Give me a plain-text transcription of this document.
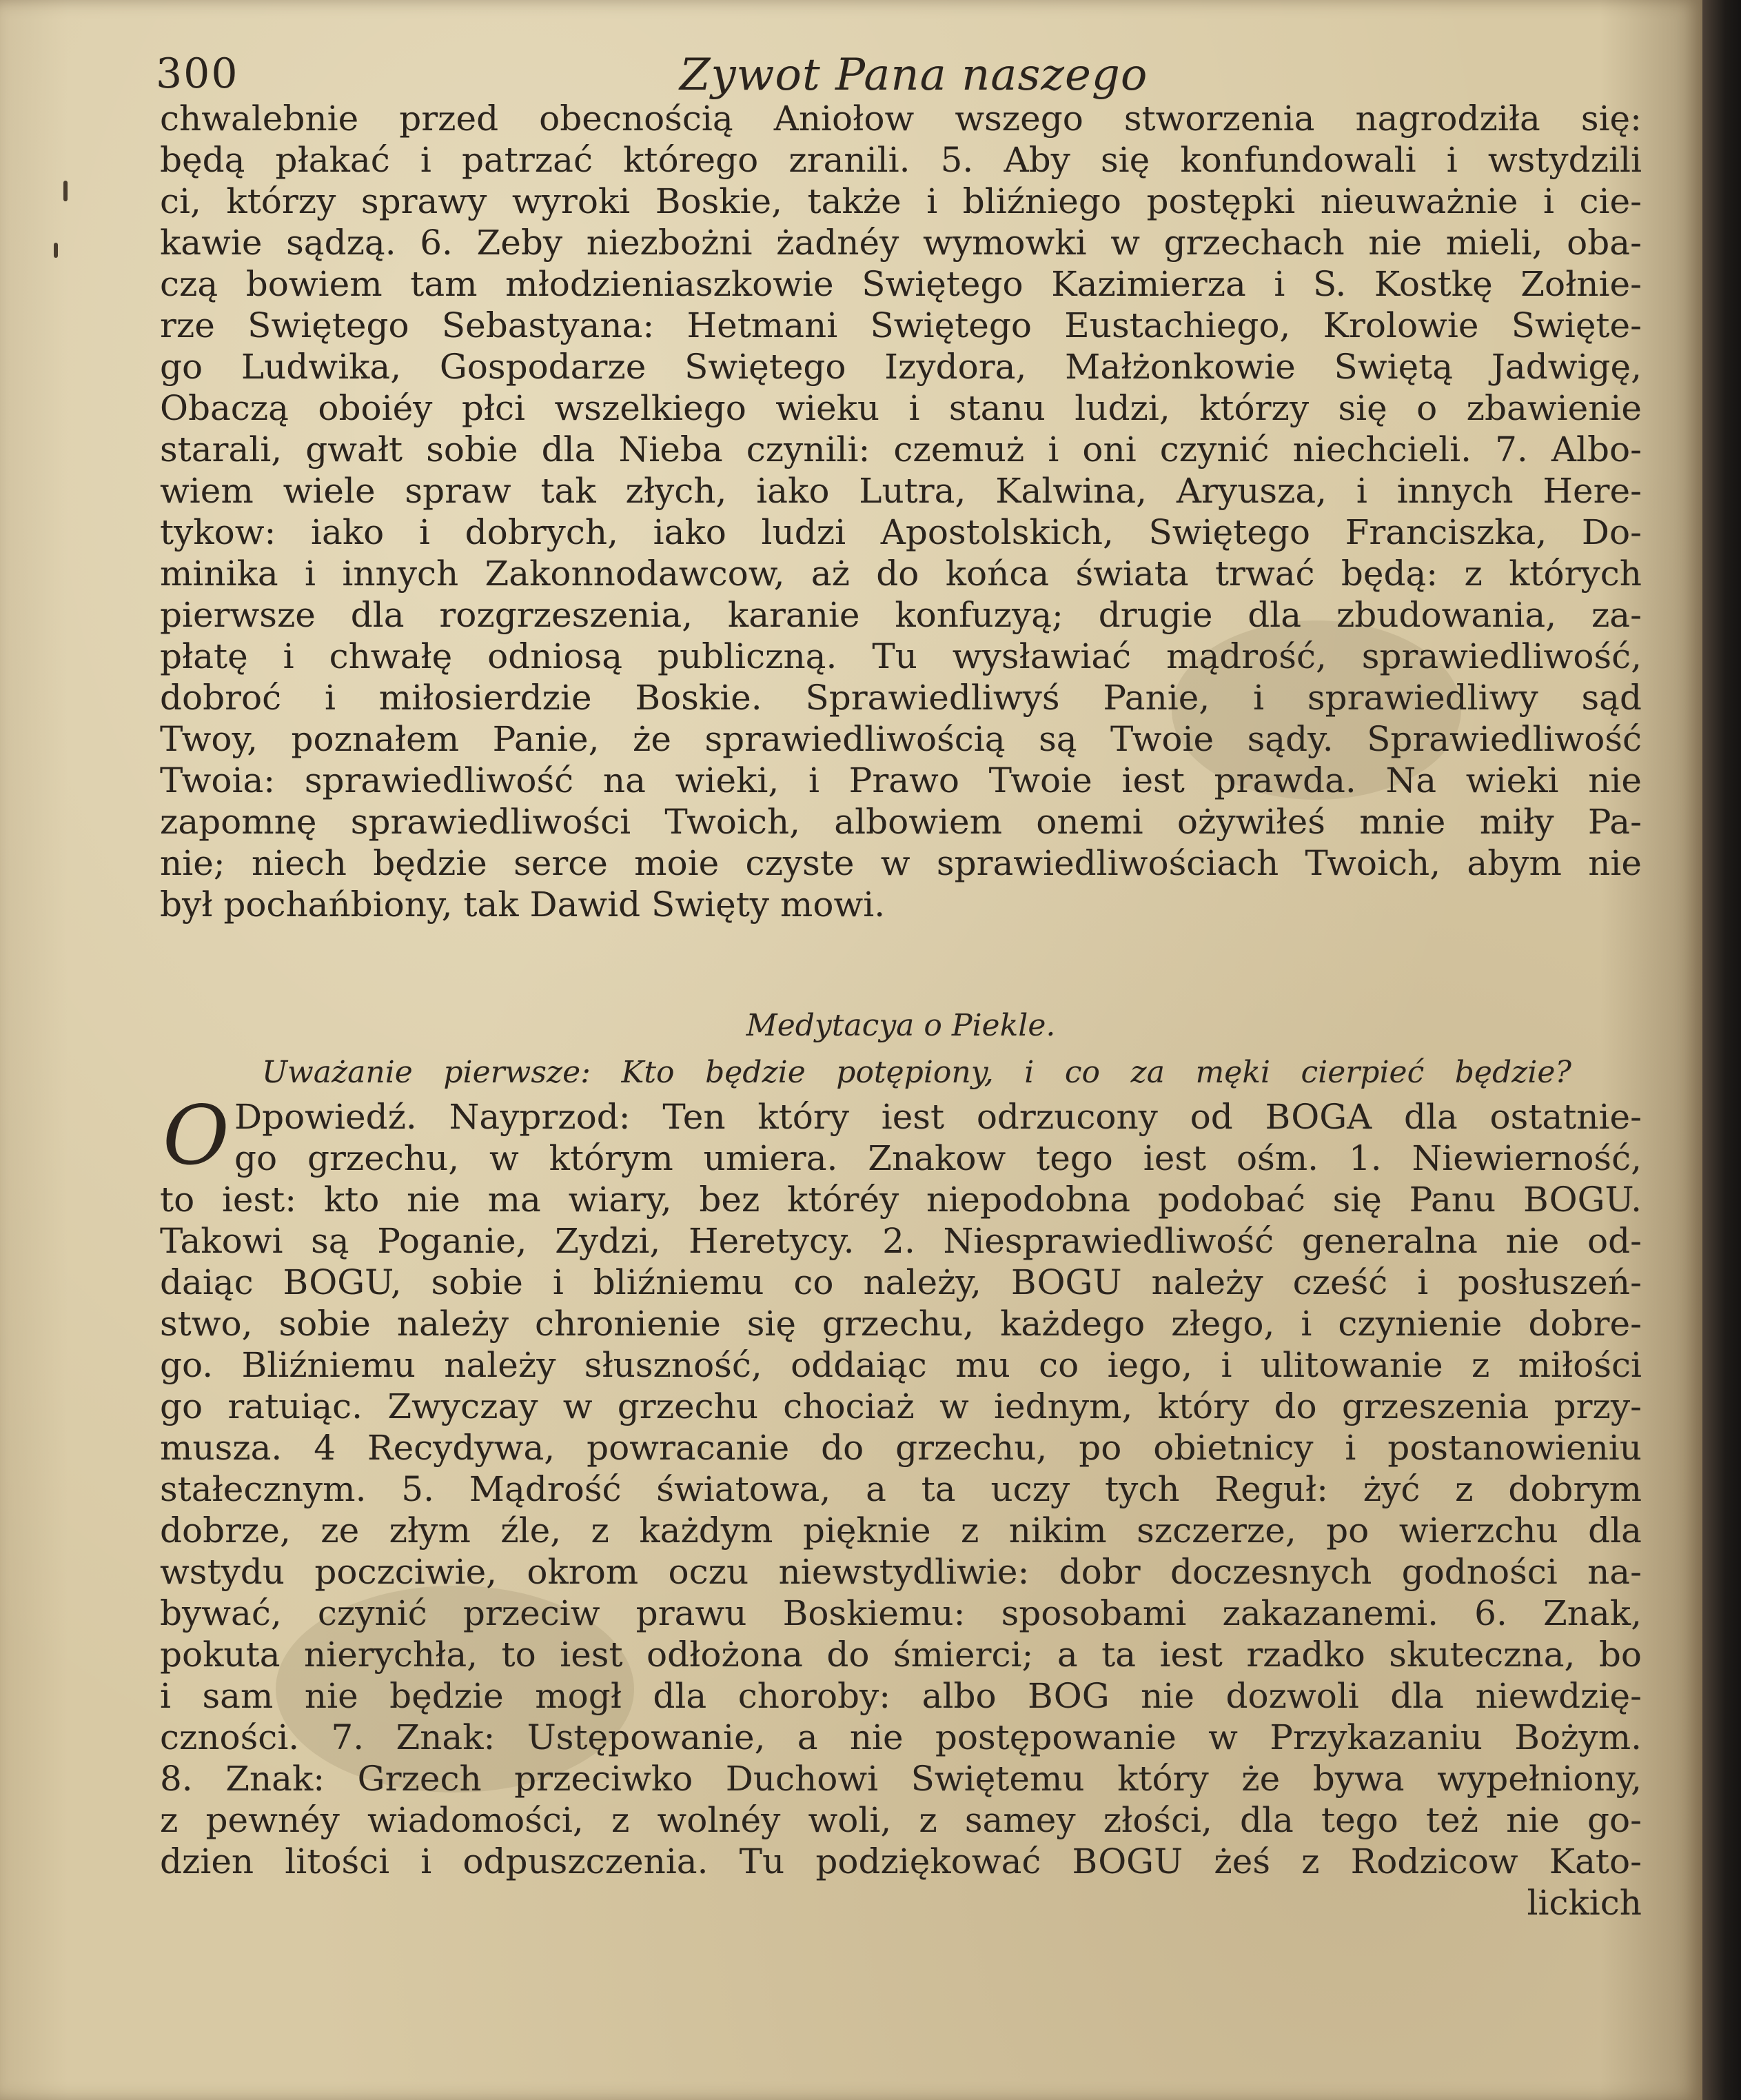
300	Zywot Pana naszego
chwalebnie przed obecnością Aniołow wszego stworzenia nagrodziła się:
będą płakać i patrzać którego zranili. 5. Aby się konfundowali i wstydzili
ci, którzy sprawy wyroki Boskie, także i bliźniego postępki nieuważnie i cie-
kawie sądzą. 6. Zeby niezbożni żadnéy wymowki w grzechach nie mieli, oba-
czą bowiem tam młodzieniaszkowie Swiętego Kazimierza i S. Kostkę Zołnie-
rze Swiętego Sebastyana: Hetmani Swiętego Eustachiego, Krolowie Swięte-
go Ludwika, Gospodarze Swiętego Izydora, Małżonkowie Swiętą Jadwigę,
Obaczą oboiéy płci wszelkiego wieku i stanu ludzi, którzy się o zbawienie
starali, gwałt sobie dla Nieba czynili: czemuż i oni czynić niechcieli. 7. Albo-
wiem wiele spraw tak złych, iako Lutra, Kalwina, Aryusza, i innych Here-
tykow: iako i dobrych, iako ludzi Apostolskich, Swiętego Franciszka, Do-
minika i innych Zakonnodawcow, aż do końca świata trwać będą: z których
pierwsze dla rozgrzeszenia, karanie konfuzyą; drugie dla zbudowania, za-
płatę i chwałę odniosą publiczną. Tu wysławiać mądrość, sprawiedliwość,
dobroć i miłosierdzie Boskie. Sprawiedliwyś Panie, i sprawiedliwy sąd
Twoy, poznałem Panie, że sprawiedliwością są Twoie sądy. Sprawiedliwość
Twoia: sprawiedliwość na wieki, i Prawo Twoie iest prawda. Na wieki nie
zapomnę sprawiedliwości Twoich, albowiem onemi ożywiłeś mnie miły Pa-
nie; niech będzie serce moie czyste w sprawiedliwościach Twoich, abym nie
był pochańbiony, tak Dawid Swięty mowi.
Medytacya o Piekle.
Uważanie pierwsze: Kto będzie potępiony, i co za męki cierpieć będzie?
O Dpowiedź. Nayprzod: Ten który iest odrzucony od BOGA dla ostatnie-
go grzechu, w którym umiera. Znakow tego iest ośm. 1. Niewierność,
to iest: kto nie ma wiary, bez któréy niepodobna podobać się Panu BOGU.
Takowi są Poganie, Zydzi, Heretycy. 2. Niesprawiedliwość generalna nie od-
daiąc BOGU, sobie i bliźniemu co należy, BOGU należy cześć i posłuszeń-
stwo, sobie należy chronienie się grzechu, każdego złego, i czynienie dobre-
go. Bliźniemu należy słuszność, oddaiąc mu co iego, i ulitowanie z miłości
go ratuiąc. Zwyczay w grzechu chociaż w iednym, który do grzeszenia przy-
musza. 4 Recydywa, powracanie do grzechu, po obietnicy i postanowieniu
stałecznym. 5. Mądrość światowa, a ta uczy tych Reguł: żyć z dobrym
dobrze, ze złym źle, z każdym pięknie z nikim szczerze, po wierzchu dla
wstydu poczciwie, okrom oczu niewstydliwie: dobr doczesnych godności na-
bywać, czynić przeciw prawu Boskiemu: sposobami zakazanemi. 6. Znak,
pokuta nierychła, to iest odłożona do śmierci; a ta iest rzadko skuteczna, bo
i sam nie będzie mogł dla choroby: albo BOG nie dozwoli dla niewdzię-
czności. 7. Znak: Ustępowanie, a nie postępowanie w Przykazaniu Bożym.
8. Znak: Grzech przeciwko Duchowi Swiętemu który że bywa wypełniony,
z pewnéy wiadomości, z wolnéy woli, z samey złości, dla tego też nie go-
dzien litości i odpuszczenia. Tu podziękować BOGU żeś z Rodzicow Kato-
lickich
